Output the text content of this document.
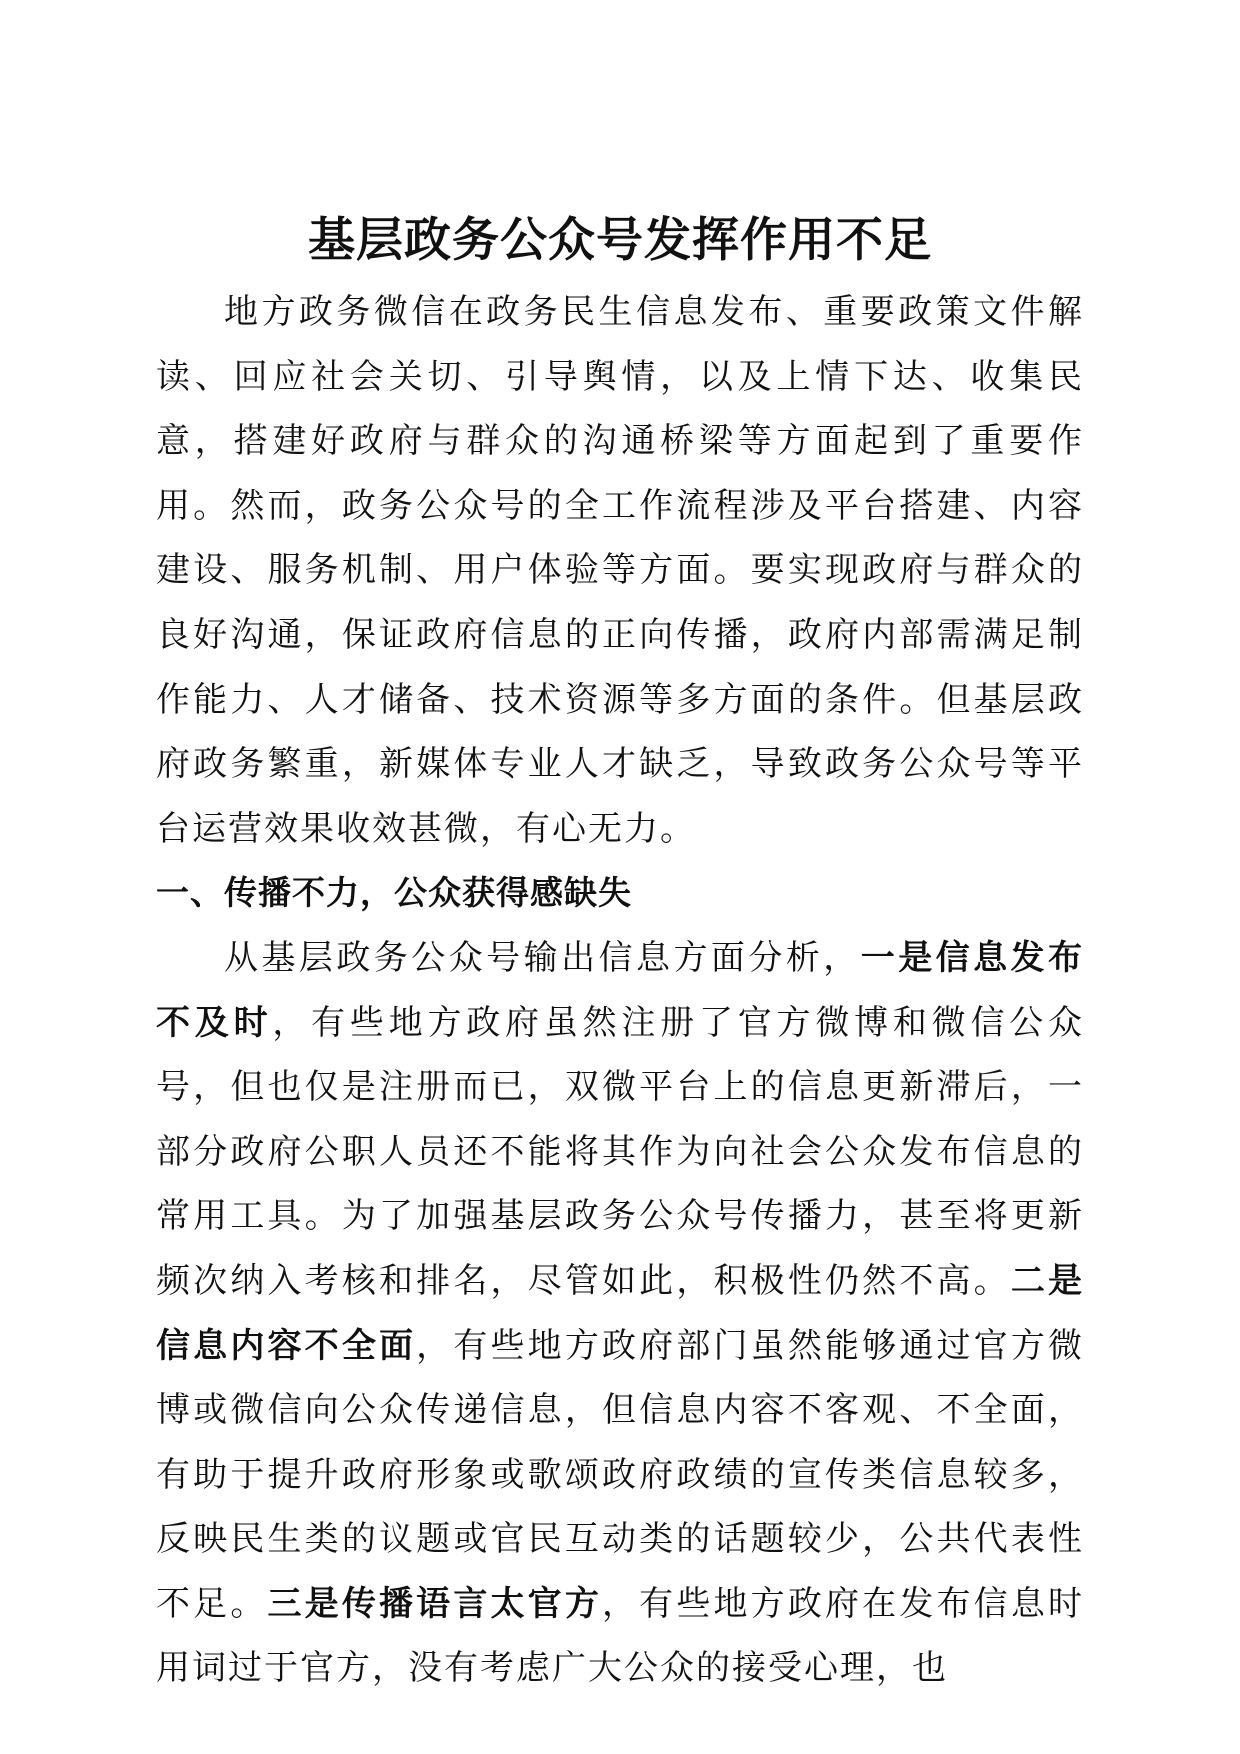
基层政务公众号发挥作用不足

地方政务微信在政务民生信息发布、重要政策文件解读、回应社会关切、引导舆情，以及上情下达、收集民意，搭建好政府与群众的沟通桥梁等方面起到了重要作用。然而，政务公众号的全工作流程涉及平台搭建、内容建设、服务机制、用户体验等方面。要实现政府与群众的良好沟通，保证政府信息的正向传播，政府内部需满足制作能力、人才储备、技术资源等多方面的条件。但基层政府政务繁重，新媒体专业人才缺乏，导致政务公众号等平台运营效果收效甚微，有心无力。

一、传播不力，公众获得感缺失

从基层政务公众号输出信息方面分析，一是信息发布不及时，有些地方政府虽然注册了官方微博和微信公众号，但也仅是注册而已，双微平台上的信息更新滞后，一部分政府公职人员还不能将其作为向社会公众发布信息的常用工具。为了加强基层政务公众号传播力，甚至将更新频次纳入考核和排名，尽管如此，积极性仍然不高。二是信息内容不全面，有些地方政府部门虽然能够通过官方微博或微信向公众传递信息，但信息内容不客观、不全面，有助于提升政府形象或歌颂政府政绩的宣传类信息较多，反映民生类的议题或官民互动类的话题较少，公共代表性不足。三是传播语言太官方，有些地方政府在发布信息时用词过于官方，没有考虑广大公众的接受心理，也
